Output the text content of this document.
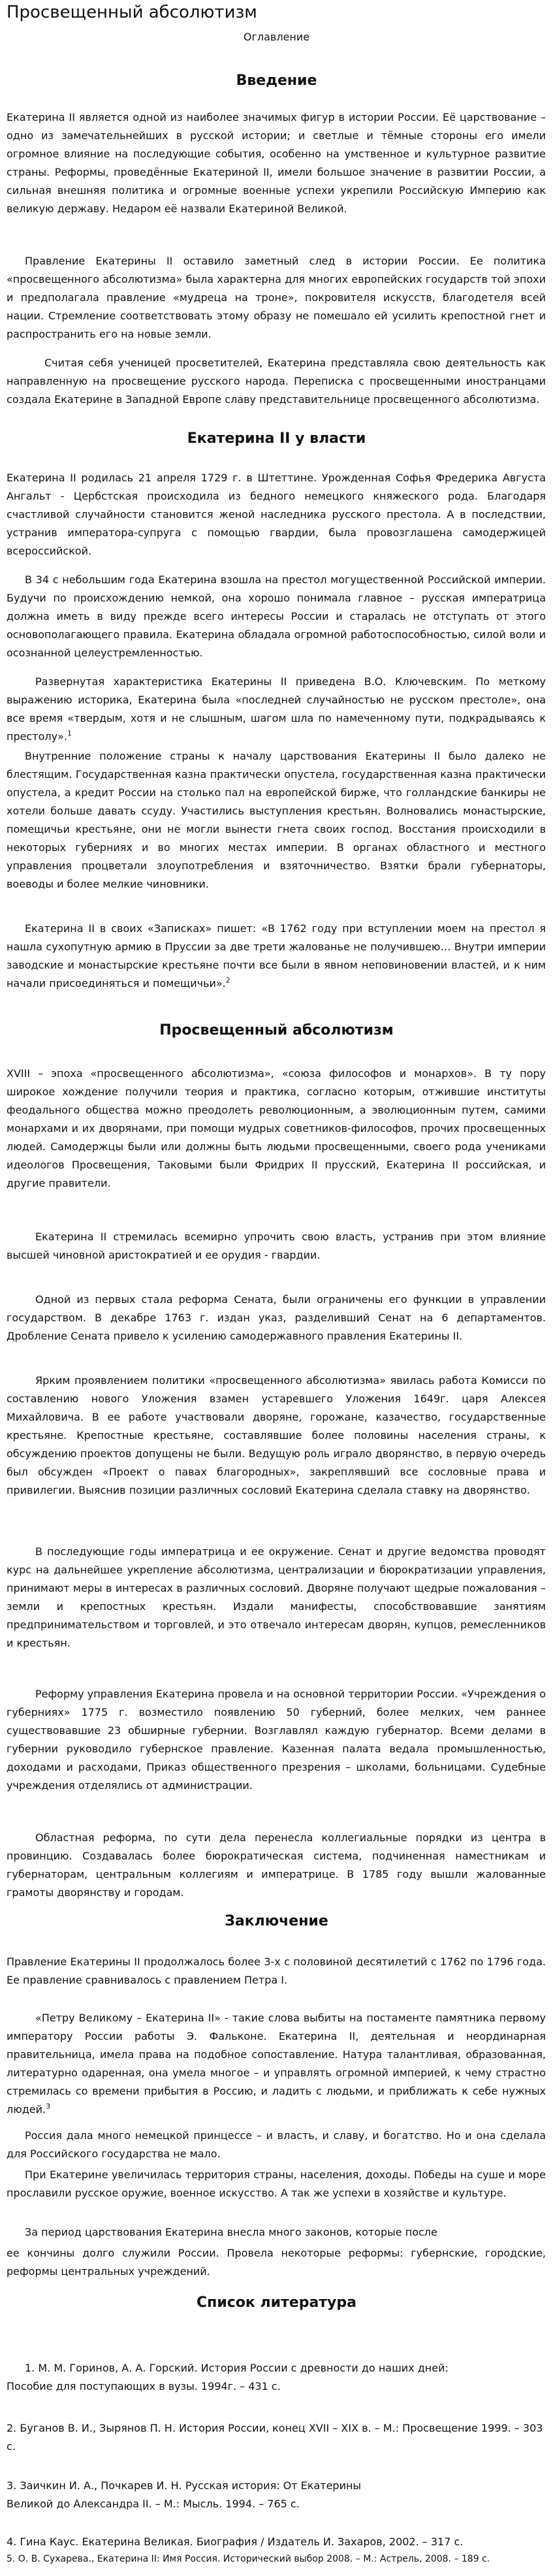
Просвещенный абсолютизм
Оглавление
Введение

Екатерина II является одной из наиболее значимых фигур в истории России. Её царствование – одно из замечательнейших в русской истории; и светлые и тёмные стороны его имели огромное влияние на последующие события, особенно на умственное и культурное развитие страны. Реформы, проведённые Екатериной II, имели большое значение в развитии России, а сильная внешняя политика и огромные военные успехи укрепили Российскую Империю как великую державу. Недаром её назвали Екатериной Великой.

Правление Екатерины II оставило заметный след в истории России. Ее политика «просвещенного абсолютизма» была характерна для многих европейских государств той эпохи и предполагала правление «мудреца на троне», покровителя искусств, благодетеля всей нации. Стремление соответствовать этому образу не помешало ей усилить крепостной гнет и распространить его на новые земли.

Считая себя ученицей просветителей, Екатерина представляла свою деятельность как направленную на просвещение русского народа. Переписка с просвещенными иностранцами создала Екатерине в Западной Европе славу представительнице просвещенного абсолютизма.

Екатерина II у власти

Екатерина II родилась 21 апреля 1729 г. в Штеттине. Урожденная Софья Фредерика Августа Ангальт - Цербстская происходила из бедного немецкого княжеского рода. Благодаря счастливой случайности становится женой наследника русского престола. А в последствии, устранив императора-супруга с помощью гвардии, была провозглашена самодержицей всероссийской.

В 34 с небольшим года Екатерина взошла на престол могущественной Российской империи. Будучи по происхождению немкой, она хорошо понимала главное – русская императрица должна иметь в виду прежде всего интересы России и старалась не отступать от этого основополагающего правила. Екатерина обладала огромной работоспособностью, силой воли и осознанной целеустремленностью.

Развернутая характеристика Екатерины II приведена В.О. Ключевским. По меткому выражению историка, Екатерина была «последней случайностью не русском престоле», она все время «твердым, хотя и не слышным, шагом шла по намеченному пути, подкрадываясь к престолу».$^1$

Внутренние положение страны к началу царствования Екатерины II было далеко не блестящим. Государственная казна практически опустела, государственная казна практически опустела, а кредит России на столько пал на европейской бирже, что голландские банкиры не хотели больше давать ссуду. Участились выступления крестьян. Волновались монастырские, помещичьи крестьяне, они не могли вынести гнета своих господ. Восстания происходили в некоторых губерниях и во многих местах империи. В органах областного и местного управления процветали злоупотребления и взяточничество. Взятки брали губернаторы, воеводы и более мелкие чиновники.

Екатерина II в своих «Записках» пишет: «В 1762 году при вступлении моем на престол я нашла сухопутную армию в Пруссии за две трети жалованье не получившею… Внутри империи заводские и монастырские крестьяне почти все были в явном неповиновении властей, и к ним начали присоединяться и помещичьи».$^2$

Просвещенный абсолютизм

XVIII – эпоха «просвещенного абсолютизма», «союза философов и монархов». В ту пору широкое хождение получили теория и практика, согласно которым, отжившие институты феодального общества можно преодолеть революционным, а эволюционным путем, самими монархами и их дворянами, при помощи мудрых советников-философов, прочих просвещенных людей. Самодержцы были или должны быть людьми просвещенными, своего рода учениками идеологов Просвещения, Таковыми были Фридрих II прусский, Екатерина II российская, и другие правители.

Екатерина II стремилась всемирно упрочить свою власть, устранив при этом влияние высшей чиновной аристократией и ее орудия - гвардии.

Одной из первых стала реформа Сената, были ограничены его функции в управлении государством. В декабре 1763 г. издан указ, разделивший Сенат на 6 департаментов. Дробление Сената привело к усилению самодержавного правления Екатерины II.

Ярким проявлением политики «просвещенного абсолютизма» явилась работа Комисси по составлению нового Уложения взамен устаревшего Уложения 1649г. царя Алексея Михайловича. В ее работе участвовали дворяне, горожане, казачество, государственные крестьяне. Крепостные крестьяне, составлявшие более половины населения страны, к обсуждению проектов допущены не были. Ведущую роль играло дворянство, в первую очередь был обсужден «Проект о павах благородных», закреплявший все сословные права и привилегии. Выяснив позиции различных сословий Екатерина сделала ставку на дворянство.

В последующие годы императрица и ее окружение. Сенат и другие ведомства проводят курс на дальнейшее укрепление абсолютизма, централизации и бюрократизации управления, принимают меры в интересах в различных сословий. Дворяне получают щедрые пожалования – земли и крепостных крестьян. Издали манифесты, способствовавшие занятиям предпринимательством и торговлей, и это отвечало интересам дворян, купцов, ремесленников и крестьян.

Реформу управления Екатерина провела и на основной территории России. «Учреждения о губерниях» 1775 г. возместило появлению 50 губерний, более мелких, чем раннее существовавшие 23 обширные губернии. Возглавлял каждую губернатор. Всеми делами в губернии руководило губернское правление. Казенная палата ведала промышленностью, доходами и расходами, Приказ общественного презрения – школами, больницами. Судебные учреждения отделялись от администрации.

Областная реформа, по сути дела перенесла коллегиальные порядки из центра в провинцию. Создавалась более бюрократическая система, подчиненная наместникам и губернаторам, центральным коллегиям и императрице. В 1785 году вышли жалованные грамоты дворянству и городам.

Заключение

Правление Екатерины II продолжалось более 3-х с половиной десятилетий с 1762 по 1796 года. Ее правление сравнивалось с правлением Петра I.

«Петру Великому – Екатерина II» - такие слова выбиты на постаменте памятника первому императору России работы Э. Фальконе. Екатерина II, деятельная и неординарная правительница, имела права на подобное сопоставление. Натура талантливая, образованная, литературно одаренная, она умела многое – и управлять огромной империей, к чему страстно стремилась со времени прибытия в Россию, и ладить с людьми, и приближать к себе нужных людей.$^3$

Россия дала много немецкой принцессе – и власть, и славу, и богатство. Но и она сделала для Российского государства не мало.

При Екатерине увеличилась территория страны, населения, доходы. Победы на суше и море прославили русское оружие, военное искусство. А так же успехи в хозяйстве и культуре.

За период царствования Екатерина внесла много законов, которые после

ее кончины долго служили России. Провела некоторые реформы: губернские, городские, реформы центральных учреждений.

Список литература
1. М. М. Горинов, А. А. Горский. История России с древности до наших дней:
Пособие для поступающих в вузы. 1994г. – 431 с.
2. Буганов В. И., Зырянов П. Н. История России, конец XVII – XIX в. – М.: Просвещение 1999. – 303 с.
3. Заичкин И. А., Почкарев И. Н. Русская история: От Екатерины
Великой до Александра II. – М.: Мысль. 1994. – 765 с.
4. Гина Каус. Екатерина Великая. Биография / Издатель И. Захаров, 2002. – 317 с.
5. О. В. Сухарева., Екатерина II: Имя Россия. Исторический выбор 2008. – М.: Астрель, 2008. – 189 с.
